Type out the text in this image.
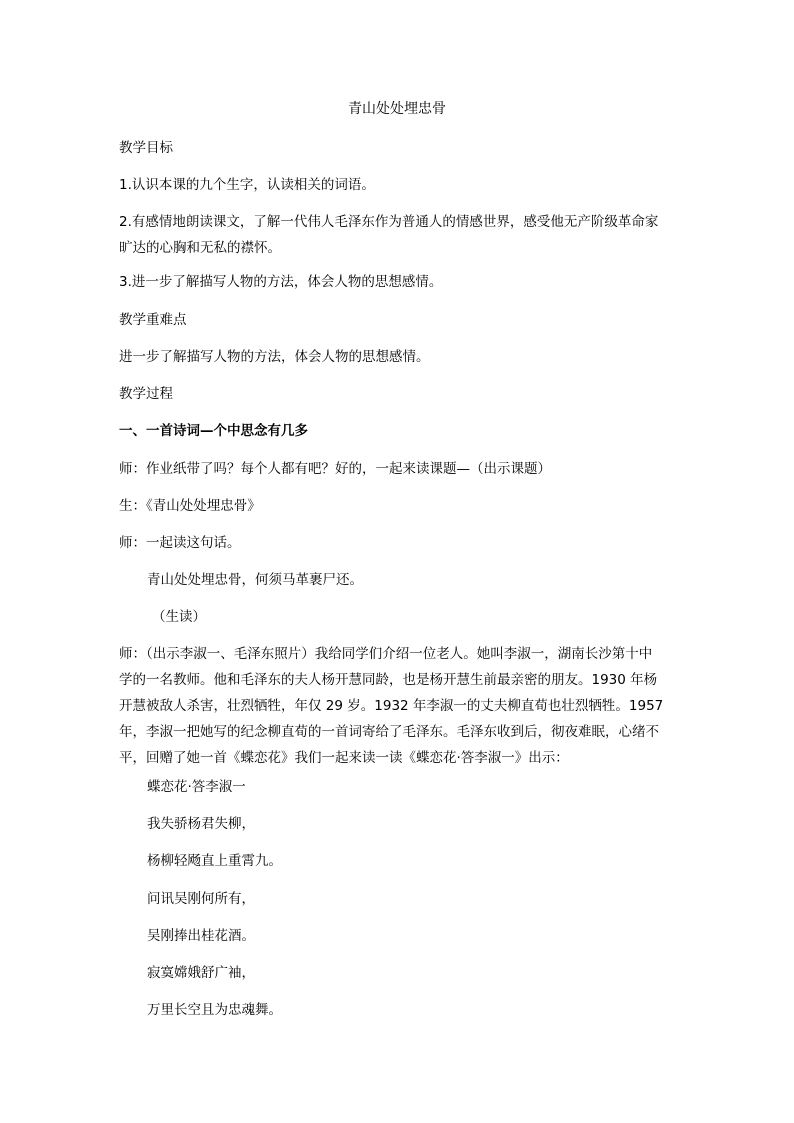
青山处处埋忠骨
教学目标
1.认识本课的九个生字，认读相关的词语。
2.有感情地朗读课文，了解一代伟人毛泽东作为普通人的情感世界，感受他无产阶级革命家
旷达的心胸和无私的襟怀。
3.进一步了解描写人物的方法，体会人物的思想感情。
教学重难点
进一步了解描写人物的方法，体会人物的思想感情。
教学过程
一、一首诗词—个中思念有几多
师：作业纸带了吗？每个人都有吧？好的，一起来读课题—（出示课题）
生：《青山处处埋忠骨》
师：一起读这句话。
青山处处埋忠骨，何须马革裹尸还。
（生读）
师：（出示李淑一、毛泽东照片）我给同学们介绍一位老人。她叫李淑一，湖南长沙第十中
学的一名教师。他和毛泽东的夫人杨开慧同龄，也是杨开慧生前最亲密的朋友。1930 年杨
开慧被敌人杀害，壮烈牺牲，年仅 29 岁。1932 年李淑一的丈夫柳直荀也壮烈牺牲。1957
年，李淑一把她写的纪念柳直荀的一首词寄给了毛泽东。毛泽东收到后，彻夜难眠，心绪不
平，回赠了她一首《蝶恋花》我们一起来读一读《蝶恋花·答李淑一》出示：
蝶恋花·答李淑一
我失骄杨君失柳，
杨柳轻飏直上重霄九。
问讯吴刚何所有，
吴刚捧出桂花酒。
寂寞嫦娥舒广袖，
万里长空且为忠魂舞。
